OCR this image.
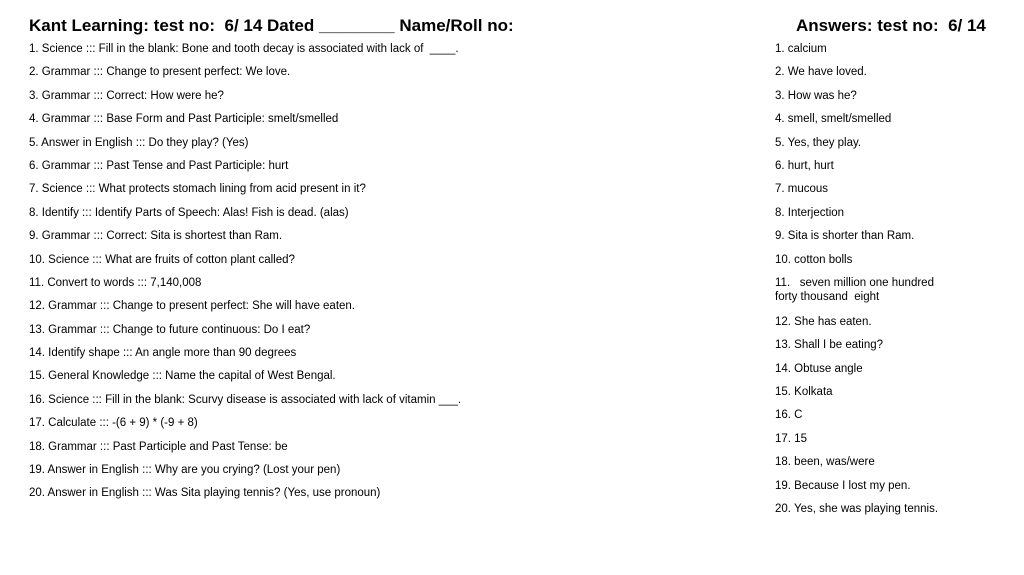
Kant Learning: test no:  6/ 14 Dated ________ Name/Roll no:	Answers: test no:  6/ 14
1. Science ::: Fill in the blank: Bone and tooth decay is associated with lack of  ____.
2. Grammar ::: Change to present perfect: We love.
3. Grammar ::: Correct: How were he?
4. Grammar ::: Base Form and Past Participle: smelt/smelled
5. Answer in English ::: Do they play? (Yes)
6. Grammar ::: Past Tense and Past Participle: hurt
7. Science ::: What protects stomach lining from acid present in it?
8. Identify ::: Identify Parts of Speech: Alas! Fish is dead. (alas)
9. Grammar ::: Correct: Sita is shortest than Ram.
10. Science ::: What are fruits of cotton plant called?
11. Convert to words ::: 7,140,008
12. Grammar ::: Change to present perfect: She will have eaten.
13. Grammar ::: Change to future continuous: Do I eat?
14. Identify shape ::: An angle more than 90 degrees
15. General Knowledge ::: Name the capital of West Bengal.
16. Science ::: Fill in the blank: Scurvy disease is associated with lack of vitamin ___.
17. Calculate ::: -(6 + 9) * (-9 + 8)
18. Grammar ::: Past Participle and Past Tense: be
19. Answer in English ::: Why are you crying? (Lost your pen)
20. Answer in English ::: Was Sita playing tennis? (Yes, use pronoun)
1. calcium
2. We have loved.
3. How was he?
4. smell, smelt/smelled
5. Yes, they play.
6. hurt, hurt
7. mucous
8. Interjection
9. Sita is shorter than Ram.
10. cotton bolls
11.   seven million one hundred
forty thousand  eight
12. She has eaten.
13. Shall I be eating?
14. Obtuse angle
15. Kolkata
16. C
17. 15
18. been, was/were
19. Because I lost my pen.
20. Yes, she was playing tennis.
